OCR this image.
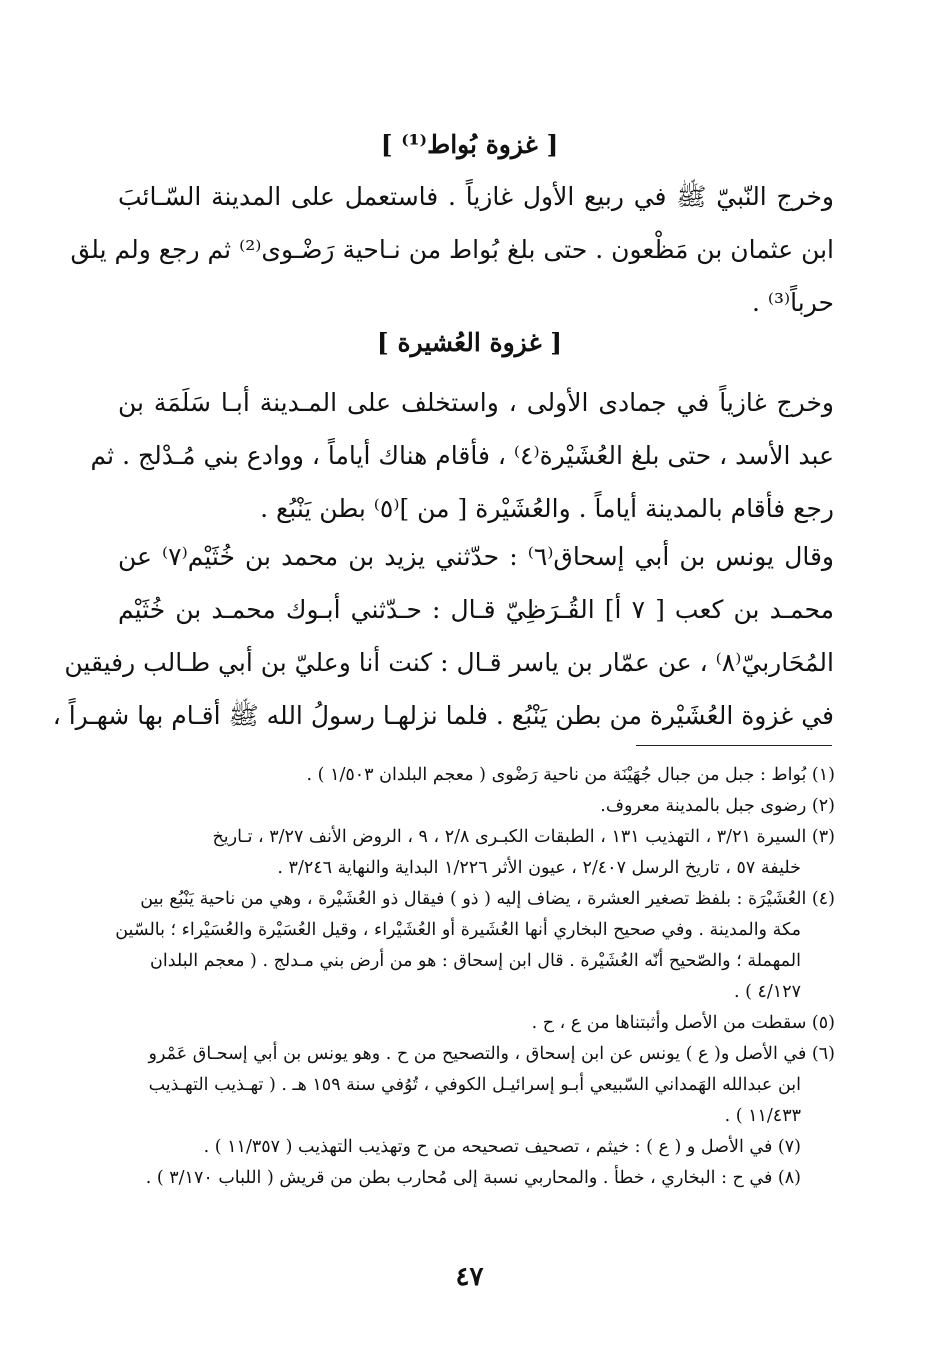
[ غزوة بُواط⁽¹⁾ ]
وخرج النّبيّ ﷺ في ربيع الأول غازياً . فاستعمل على المدينة السّـائبَ
ابن عثمان بن مَظْعون . حتى بلغ بُواط من نـاحية رَضْـوى⁽²⁾ ثم رجع ولم يلق
حرباً⁽³⁾ .
[ غزوة العُشيرة ]
وخرج غازياً في جمادى الأولى ، واستخلف على المـدينة أبـا سَلَمَة بن
عبد الأسد ، حتى بلغ العُشَيْرة⁽٤⁾ ، فأقام هناك أياماً ، ووادع بني مُـدْلج . ثم
رجع فأقام بالمدينة أياماً . والعُشَيْرة [ من ]⁽٥⁾ بطن يَنْبُع .
وقال يونس بن أبي إسحاق⁽٦⁾ : حدّثني يزيد بن محمد بن خُثَيْم⁽٧⁾ عن
محمـد بن كعب [ ٧ أ] القُـرَظِيّ قـال : حـدّثني أبـوك محمـد بن خُثَيْم
المُحَاربيّ⁽٨⁾ ، عن عمّار بن ياسر قـال : كنت أنا وعليّ بن أبي طـالب رفيقين
في غزوة العُشَيْرة من بطن يَنْبُع . فلما نزلهـا رسولُ الله ﷺ أقـام بها شهـراً ،
(١) بُواط : جبل من جبال جُهَيْنَة من ناحية رَضْوى ( معجم البلدان ١/٥٠٣ ) .
(٢) رضوى جبل بالمدينة معروف.
(٣) السيرة ٣/٢١ ، التهذيب ١٣١ ، الطبقات الكبـرى ٢/٨ ، ٩ ، الروض الأنف ٣/٢٧ ، تـاريخ
خليفة ٥٧ ، تاريخ الرسل ٢/٤٠٧ ، عيون الأثر ١/٢٢٦ البداية والنهاية ٣/٢٤٦ .
(٤) العُشَيْرَة : بلفظ تصغير العشرة ، يضاف إليه ( ذو ) فيقال ذو العُشَيْرة ، وهي من ناحية يَنْبُع بين
مكة والمدينة . وفي صحيح البخاري أنها العُشَيرة أو العُشَيْراء ، وقيل العُسَيْرة والعُسَيْراء ؛ بالسّين
المهملة ؛ والصّحيح أنّه العُشَيْرة . قال ابن إسحاق : هو من أرض بني مـدلج . ( معجم البلدان
٤/١٢٧ ) .
(٥) سقطت من الأصل وأثبتناها من ع ، ح .
(٦) في الأصل و( ع ) يونس عن ابن إسحاق ، والتصحيح من ح . وهو يونس بن أبي إسحـاق عَمْرو
ابن عبدالله الهَمداني السّبيعي أبـو إسرائيـل الكوفي ، تُوُفي سنة ١٥٩ هـ . ( تهـذيب التهـذيب
١١/٤٣٣ ) .
(٧) في الأصل و ( ع ) : خيثم ، تصحيف تصحيحه من ح وتهذيب التهذيب ( ١١/٣٥٧ ) .
(٨) في ح : البخاري ، خطأ . والمحاربي نسبة إلى مُحارب بطن من قريش ( اللباب ٣/١٧٠ ) .
٤٧
